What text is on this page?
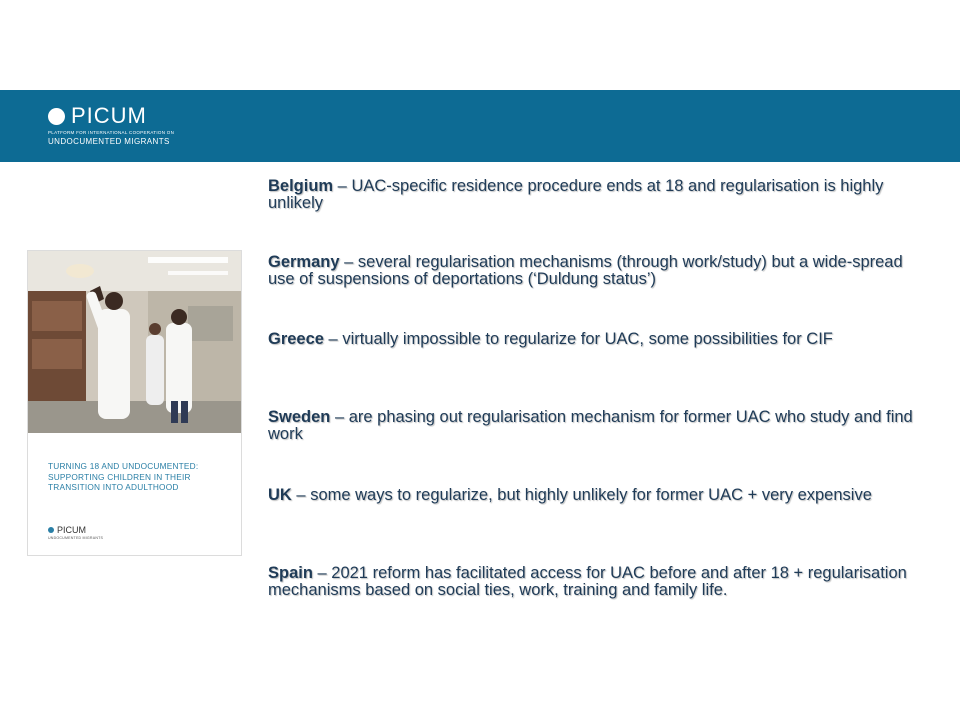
PICUM
PLATFORM FOR INTERNATIONAL COOPERATION ON
UNDOCUMENTED MIGRANTS
TURNING 18 AND UNDOCUMENTED:
SUPPORTING CHILDREN IN THEIR
TRANSITION INTO ADULTHOOD
PICUM
UNDOCUMENTED MIGRANTS
Belgium – UAC-specific residence procedure ends at 18 and regularisation is highly unlikely
Germany – several regularisation mechanisms (through work/study) but a wide-spread use of suspensions of deportations (‘Duldung status’)
Greece – virtually impossible to regularize for UAC, some possibilities for CIF
Sweden – are phasing out regularisation mechanism for former UAC who study and find work
UK – some ways to regularize, but highly unlikely for former UAC + very expensive
Spain – 2021 reform has facilitated access for UAC before and after 18 + regularisation mechanisms based on social ties, work, training and family life.
